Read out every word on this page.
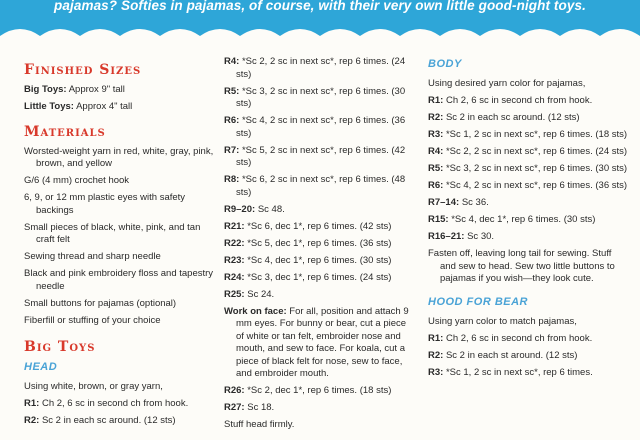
pajamas? Softies in pajamas, of course, with their very own little good-night toys.
Finished Sizes

Big Toys: Approx 9" tall

Little Toys: Approx 4" tall

Materials

Worsted-weight yarn in red, white, gray, pink, brown, and yellow

G/6 (4 mm) crochet hook

6, 9, or 12 mm plastic eyes with safety backings

Small pieces of black, white, pink, and tan craft felt

Sewing thread and sharp needle

Black and pink embroidery floss and tapestry needle

Small buttons for pajamas (optional)

Fiberfill or stuffing of your choice

Big Toys
HEAD

Using white, brown, or gray yarn,

R1: Ch 2, 6 sc in second ch from hook.

R2: Sc 2 in each sc around. (12 sts)

R4: *Sc 2, 2 sc in next sc*, rep 6 times. (24 sts)

R5: *Sc 3, 2 sc in next sc*, rep 6 times. (30 sts)

R6: *Sc 4, 2 sc in next sc*, rep 6 times. (36 sts)

R7: *Sc 5, 2 sc in next sc*, rep 6 times. (42 sts)

R8: *Sc 6, 2 sc in next sc*, rep 6 times. (48 sts)

R9–20: Sc 48.

R21: *Sc 6, dec 1*, rep 6 times. (42 sts)

R22: *Sc 5, dec 1*, rep 6 times. (36 sts)

R23: *Sc 4, dec 1*, rep 6 times. (30 sts)

R24: *Sc 3, dec 1*, rep 6 times. (24 sts)

R25: Sc 24.

Work on face: For all, position and attach 9 mm eyes. For bunny or bear, cut a piece of white or tan felt, embroider nose and mouth, and sew to face. For koala, cut a piece of black felt for nose, sew to face, and embroider mouth.

R26: *Sc 2, dec 1*, rep 6 times. (18 sts)

R27: Sc 18.

Stuff head firmly.

BODY

Using desired yarn color for pajamas,

R1: Ch 2, 6 sc in second ch from hook.

R2: Sc 2 in each sc around. (12 sts)

R3: *Sc 1, 2 sc in next sc*, rep 6 times. (18 sts)

R4: *Sc 2, 2 sc in next sc*, rep 6 times. (24 sts)

R5: *Sc 3, 2 sc in next sc*, rep 6 times. (30 sts)

R6: *Sc 4, 2 sc in next sc*, rep 6 times. (36 sts)

R7–14: Sc 36.

R15: *Sc 4, dec 1*, rep 6 times. (30 sts)

R16–21: Sc 30.

Fasten off, leaving long tail for sewing. Stuff and sew to head. Sew two little buttons to pajamas if you wish—they look cute.

HOOD FOR BEAR

Using yarn color to match pajamas,

R1: Ch 2, 6 sc in second ch from hook.

R2: Sc 2 in each st around. (12 sts)

R3: *Sc 1, 2 sc in next sc*, rep 6 times.
